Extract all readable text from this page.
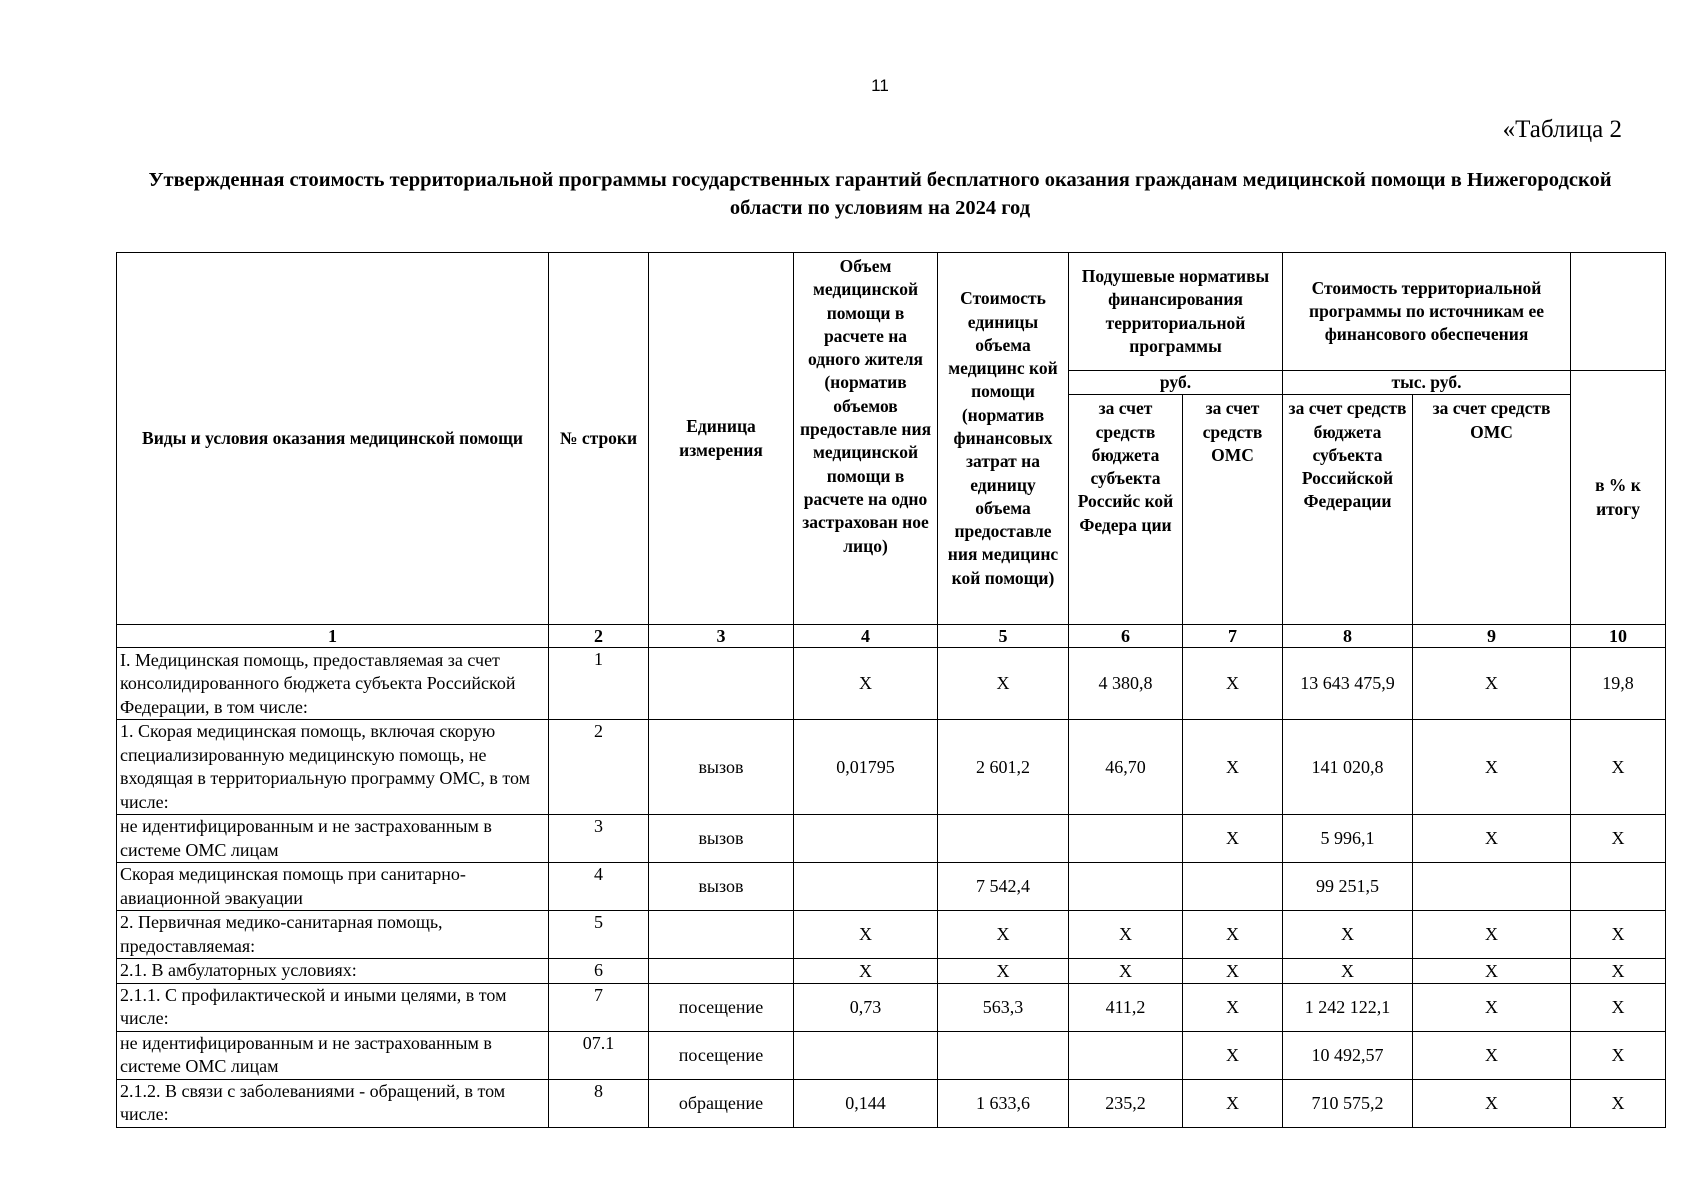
11
«Таблица 2
Утвержденная стоимость территориальной программы государственных гарантий бесплатного оказания гражданам медицинской помощи в Нижегородской области по условиям на 2024 год
Виды и условия оказания медицинской помощи	№ строки	Единица измерения	Объем медицинской помощи в расчете на одного жителя (норматив объемов предоставле ния медицинской помощи в расчете на одно застрахован ное лицо)	Стоимость единицы объема медицинс кой помощи (норматив финансовых затрат на единицу объема предоставле ния медицинс кой помощи)	Подушевые нормативы финансирования территориальной программы		Стоимость территориальной программы по источникам ее финансового обеспечения		
					руб.		тыс. руб.		в % к итогу
					за счет средств бюджета субъекта Российс кой Федера ции	за счет средств ОМС	за счет средств бюджета субъекта Российской Федерации	за счет средств ОМС	
1	2	3	4	5	6	7	8	9	10
I. Медицинская помощь, предоставляемая за счет консолидированного бюджета субъекта Российской Федерации, в том числе:	1		Х	Х	4 380,8	Х	13 643 475,9	Х	19,8
1. Скорая медицинская помощь, включая скорую специализированную медицинскую помощь, не входящая в территориальную программу ОМС, в том числе:	2	вызов	0,01795	2 601,2	46,70	Х	141 020,8	Х	Х
не идентифицированным и не застрахованным в системе ОМС лицам	3	вызов				Х	5 996,1	Х	Х
Скорая медицинская помощь при санитарно-авиационной эвакуации	4	вызов		7 542,4			99 251,5		
2. Первичная медико-санитарная помощь, предоставляемая:	5		Х	Х	Х	Х	Х	Х	Х
2.1. В амбулаторных условиях:	6		Х	Х	Х	Х	Х	Х	Х
2.1.1. С профилактической и иными целями, в том числе:	7	посещение	0,73	563,3	411,2	Х	1 242 122,1	Х	Х
не идентифицированным и не застрахованным в системе ОМС лицам	07.1	посещение				Х	10 492,57	Х	Х
2.1.2. В связи с заболеваниями - обращений, в том числе:	8	обращение	0,144	1 633,6	235,2	Х	710 575,2	Х	Х
